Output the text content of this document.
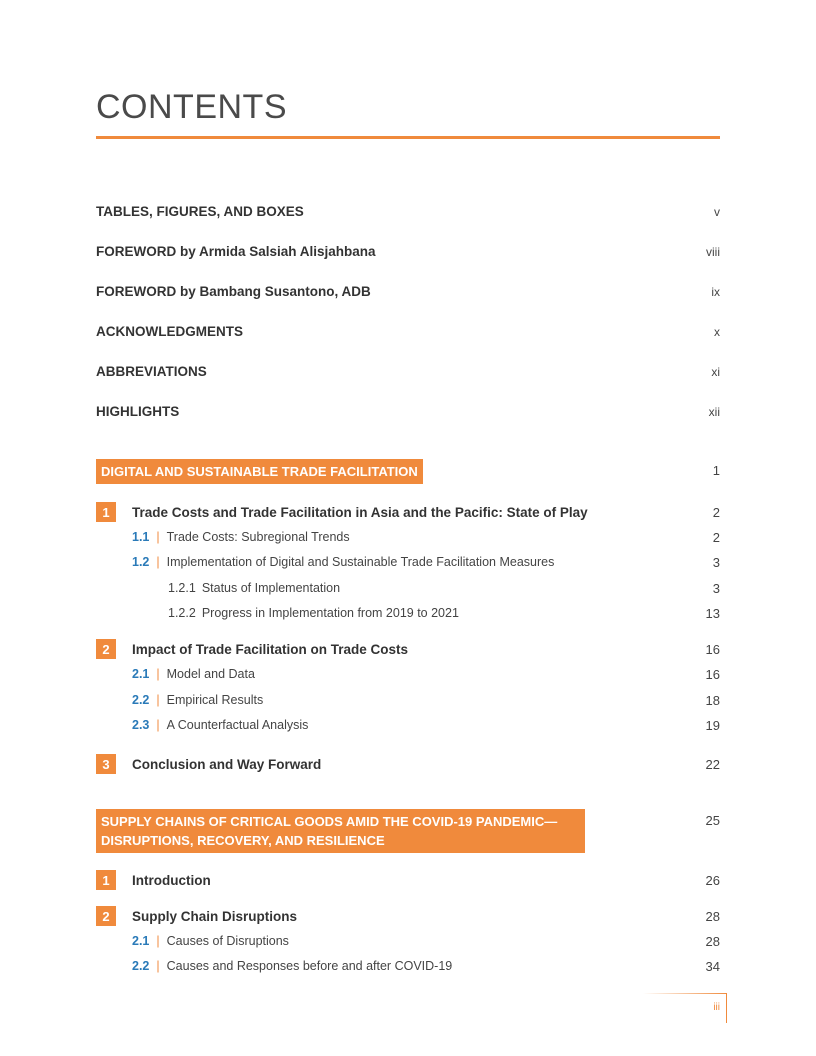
CONTENTS
TABLES, FIGURES, AND BOXES	v
FOREWORD by Armida Salsiah Alisjahbana	viii
FOREWORD by Bambang Susantono, ADB	ix
ACKNOWLEDGMENTS	x
ABBREVIATIONS	xi
HIGHLIGHTS	xii
DIGITAL AND SUSTAINABLE TRADE FACILITATION	1
1	Trade Costs and Trade Facilitation in Asia and the Pacific: State of Play	2
1.1 | Trade Costs: Subregional Trends	2
1.2 | Implementation of Digital and Sustainable Trade Facilitation Measures	3
1.2.1 Status of Implementation	3
1.2.2 Progress in Implementation from 2019 to 2021	13
2	Impact of Trade Facilitation on Trade Costs	16
2.1 | Model and Data	16
2.2 | Empirical Results	18
2.3 | A Counterfactual Analysis	19
3	Conclusion and Way Forward	22
SUPPLY CHAINS OF CRITICAL GOODS AMID THE COVID-19 PANDEMIC—
DISRUPTIONS, RECOVERY, AND RESILIENCE
25
1	Introduction	26
2	Supply Chain Disruptions	28
2.1 | Causes of Disruptions	28
2.2 | Causes and Responses before and after COVID-19	34
iii
